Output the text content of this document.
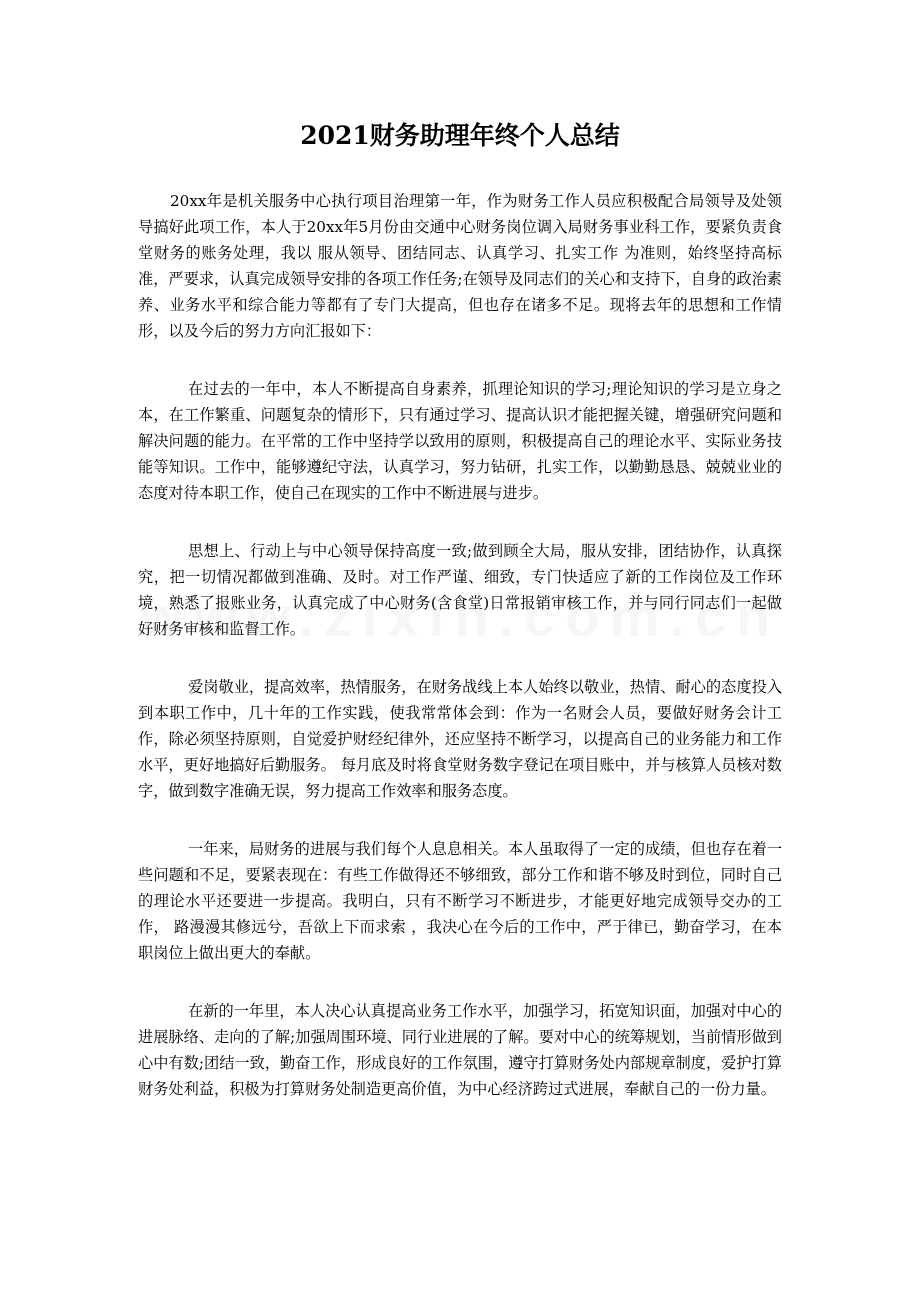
2021财务助理年终个人总结

20xx年是机关服务中心执行项目治理第一年，作为财务工作人员应积极配合局领导及处领导搞好此项工作，本人于20xx年5月份由交通中心财务岗位调入局财务事业科工作，要紧负责食堂财务的账务处理，我以 服从领导、团结同志、认真学习、扎实工作 为准则，始终坚持高标准，严要求，认真完成领导安排的各项工作任务;在领导及同志们的关心和支持下，自身的政治素养、业务水平和综合能力等都有了专门大提高，但也存在诸多不足。现将去年的思想和工作情形，以及今后的努力方向汇报如下：

在过去的一年中，本人不断提高自身素养，抓理论知识的学习;理论知识的学习是立身之本，在工作繁重、问题复杂的情形下，只有通过学习、提高认识才能把握关键，增强研究问题和解决问题的能力。在平常的工作中坚持学以致用的原则，积极提高自己的理论水平、实际业务技能等知识。工作中，能够遵纪守法，认真学习，努力钻研，扎实工作，以勤勤恳恳、兢兢业业的态度对待本职工作，使自己在现实的工作中不断进展与进步。

思想上、行动上与中心领导保持高度一致;做到顾全大局，服从安排，团结协作，认真探究，把一切情况都做到准确、及时。对工作严谨、细致，专门快适应了新的工作岗位及工作环境，熟悉了报账业务，认真完成了中心财务(含食堂)日常报销审核工作，并与同行同志们一起做好财务审核和监督工作。

爱岗敬业，提高效率，热情服务，在财务战线上本人始终以敬业，热情、耐心的态度投入到本职工作中，几十年的工作实践，使我常常体会到：作为一名财会人员，要做好财务会计工作，除必须坚持原则，自觉爱护财经纪律外，还应坚持不断学习，以提高自己的业务能力和工作水平，更好地搞好后勤服务。 每月底及时将食堂财务数字登记在项目账中，并与核算人员核对数字，做到数字准确无误，努力提高工作效率和服务态度。

一年来，局财务的进展与我们每个人息息相关。本人虽取得了一定的成绩，但也存在着一些问题和不足，要紧表现在：有些工作做得还不够细致，部分工作和谐不够及时到位，同时自己的理论水平还要进一步提高。我明白，只有不断学习不断进步，才能更好地完成领导交办的工作， 路漫漫其修远兮，吾欲上下而求索 ，我决心在今后的工作中，严于律已，勤奋学习，在本职岗位上做出更大的奉献。

在新的一年里，本人决心认真提高业务工作水平，加强学习，拓宽知识面，加强对中心的进展脉络、走向的了解;加强周围环境、同行业进展的了解。要对中心的统筹规划，当前情形做到心中有数;团结一致，勤奋工作，形成良好的工作氛围，遵守打算财务处内部规章制度，爱护打算财务处利益，积极为打算财务处制造更高价值，为中心经济跨过式进展，奉献自己的一份力量。
